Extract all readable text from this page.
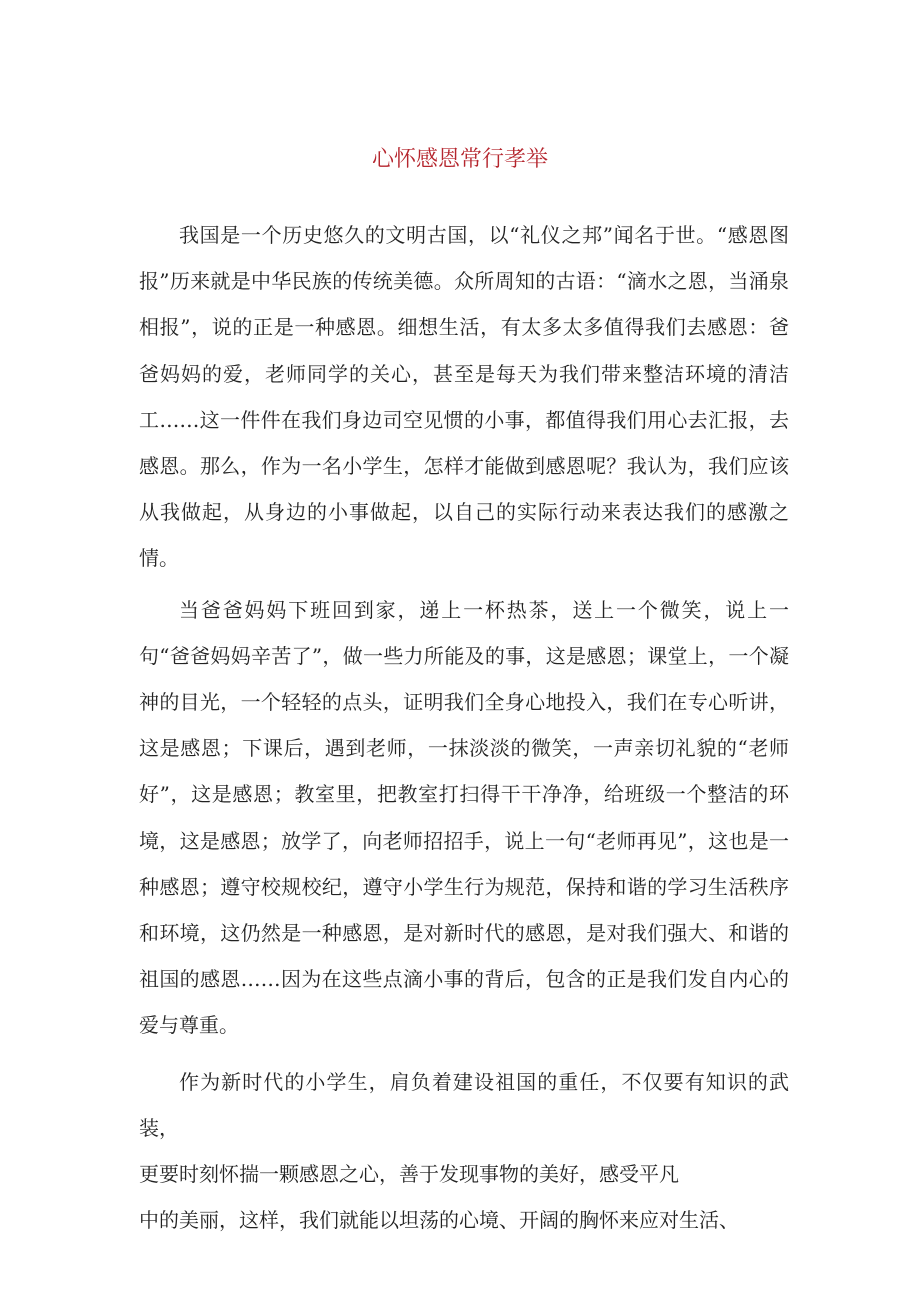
心怀感恩常行孝举

我国是一个历史悠久的文明古国，以“礼仪之邦”闻名于世。“感恩图报”历来就是中华民族的传统美德。众所周知的古语：“滴水之恩，当涌泉相报”，说的正是一种感恩。细想生活，有太多太多值得我们去感恩：爸爸妈妈的爱，老师同学的关心，甚至是每天为我们带来整洁环境的清洁工……这一件件在我们身边司空见惯的小事，都值得我们用心去汇报，去感恩。那么，作为一名小学生，怎样才能做到感恩呢？我认为，我们应该从我做起，从身边的小事做起，以自己的实际行动来表达我们的感激之情。

当爸爸妈妈下班回到家，递上一杯热茶，送上一个微笑，说上一句“爸爸妈妈辛苦了”，做一些力所能及的事，这是感恩；课堂上，一个凝神的目光，一个轻轻的点头，证明我们全身心地投入，我们在专心听讲，这是感恩；下课后，遇到老师，一抹淡淡的微笑，一声亲切礼貌的“老师好”，这是感恩；教室里，把教室打扫得干干净净，给班级一个整洁的环境，这是感恩；放学了，向老师招招手，说上一句“老师再见”，这也是一种感恩；遵守校规校纪，遵守小学生行为规范，保持和谐的学习生活秩序和环境，这仍然是一种感恩，是对新时代的感恩，是对我们强大、和谐的祖国的感恩……因为在这些点滴小事的背后，包含的正是我们发自内心的爱与尊重。

作为新时代的小学生，肩负着建设祖国的重任，不仅要有知识的武装，
更要时刻怀揣一颗感恩之心，善于发现事物的美好，感受平凡
中的美丽，这样，我们就能以坦荡的心境、开阔的胸怀来应对生活、
